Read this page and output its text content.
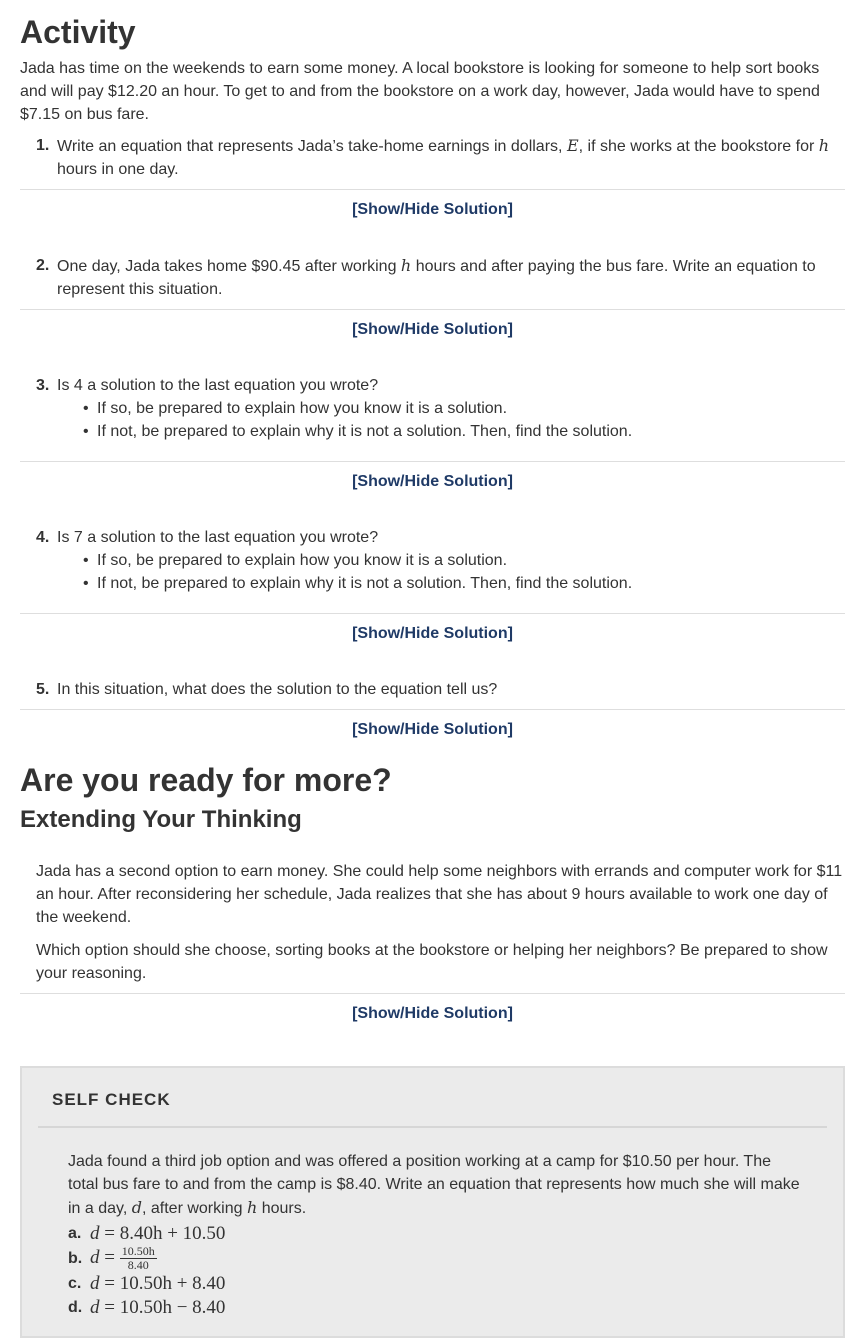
Activity

Jada has time on the weekends to earn some money. A local bookstore is looking for someone to help sort books and will pay $12.20 an hour. To get to and from the bookstore on a work day, however, Jada would have to spend $7.15 on bus fare.

1. Write an equation that represents Jada’s take-home earnings in dollars, E, if she works at the bookstore for h hours in one day.
[Show/Hide Solution]
2. One day, Jada takes home $90.45 after working h hours and after paying the bus fare. Write an equation to represent this situation.
[Show/Hide Solution]
3. Is 4 a solution to the last equation you wrote?
• If so, be prepared to explain how you know it is a solution.
• If not, be prepared to explain why it is not a solution. Then, find the solution.
[Show/Hide Solution]
4. Is 7 a solution to the last equation you wrote?
• If so, be prepared to explain how you know it is a solution.
• If not, be prepared to explain why it is not a solution. Then, find the solution.
[Show/Hide Solution]
5. In this situation, what does the solution to the equation tell us?
[Show/Hide Solution]
Are you ready for more?
Extending Your Thinking

Jada has a second option to earn money. She could help some neighbors with errands and computer work for $11 an hour. After reconsidering her schedule, Jada realizes that she has about 9 hours available to work one day of the weekend.

Which option should she choose, sorting books at the bookstore or helping her neighbors? Be prepared to show your reasoning.

[Show/Hide Solution]
SELF CHECK

Jada found a third job option and was offered a position working at a camp for $10.50 per hour. The total bus fare to and from the camp is $8.40. Write an equation that represents how much she will make in a day, d, after working h hours.

a. d = 8.40h + 10.50
b. $d = \frac{10.50h}{8.40}$
c. d = 10.50h + 8.40
d. d = 10.50h − 8.40
